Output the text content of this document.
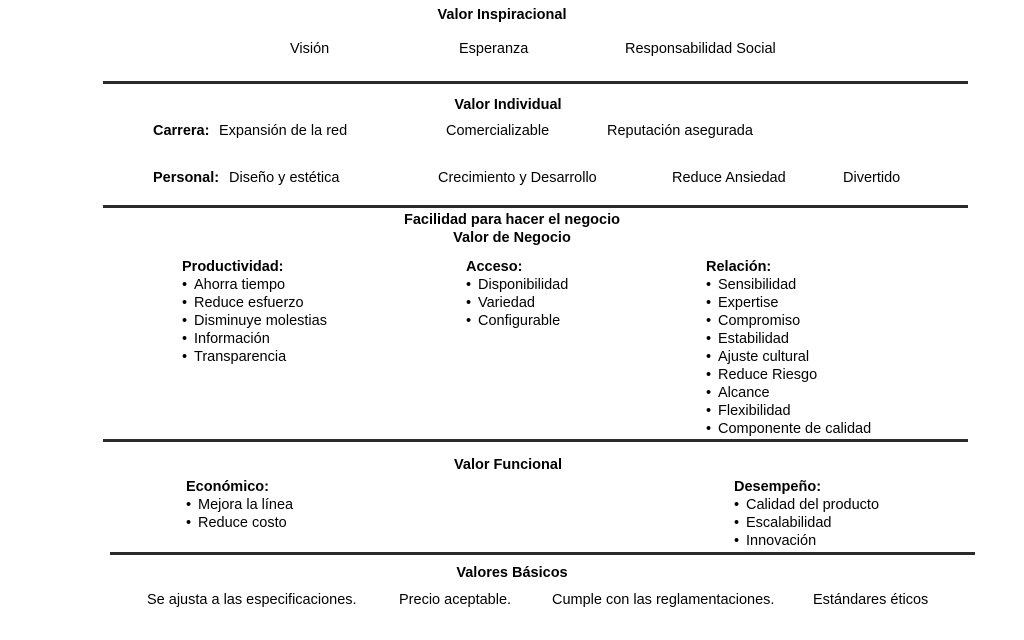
Valor Inspiracional
Visión	Esperanza	Responsabilidad Social
Valor Individual
Carrera: Expansión de la red	Comercializable	Reputación asegurada
Personal: Diseño y estética	Crecimiento y Desarrollo	Reduce Ansiedad	Divertido
Facilidad para hacer el negocio
Valor de Negocio
Productividad:
• Ahorra tiempo
• Reduce esfuerzo
• Disminuye molestias
• Información
• Transparencia
Acceso:
• Disponibilidad
• Variedad
• Configurable
Relación:
• Sensibilidad
• Expertise
• Compromiso
• Estabilidad
• Ajuste cultural
• Reduce Riesgo
• Alcance
• Flexibilidad
• Componente de calidad
Valor Funcional
Económico:
• Mejora la línea
• Reduce costo
Desempeño:
• Calidad del producto
• Escalabilidad
• Innovación
Valores Básicos
Se ajusta a las especificaciones.	Precio aceptable.	Cumple con las reglamentaciones.	Estándares éticos
